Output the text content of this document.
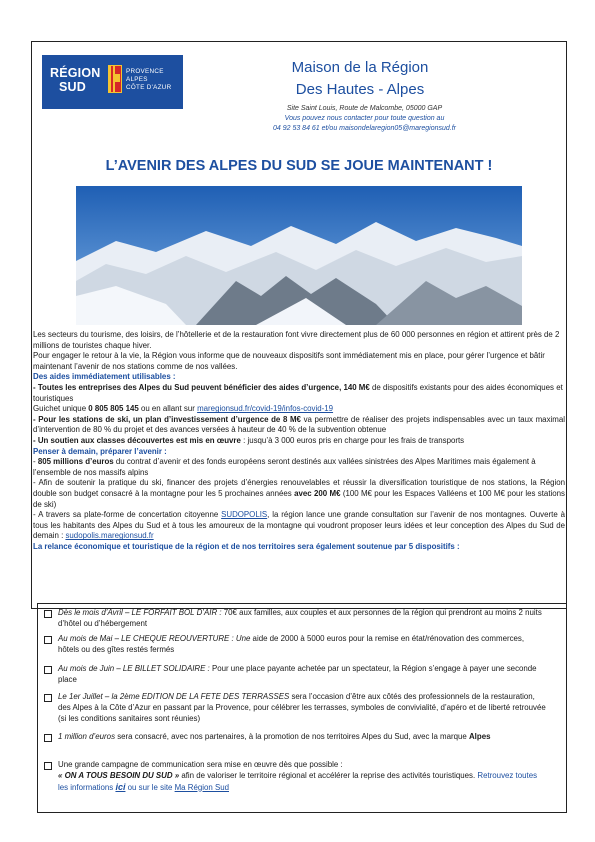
RÉGION
SUD
PROVENCE
ALPES
CÔTE D'AZUR
Maison de la Région
Des Hautes - Alpes
Site Saint Louis, Route de Malcombe, 05000 GAP
Vous pouvez nous contacter pour toute question au
04 92 53 84 61 et/ou maisondelaregion05@maregionsud.fr
L’AVENIR DES ALPES DU SUD SE JOUE MAINTENANT !

Les secteurs du tourisme, des loisirs, de l’hôtellerie et de la restauration font vivre directement plus de 60 000 personnes en région et attirent près de 2 millions de touristes chaque hiver.

Pour engager le retour à la vie, la Région vous informe que de nouveaux dispositifs sont immédiatement mis en place, pour gérer l’urgence et bâtir maintenant l’avenir de nos stations comme de nos vallées.

Des aides immédiatement utilisables :

- Toutes les entreprises des Alpes du Sud peuvent bénéficier des aides d’urgence, 140 M€ de dispositifs existants pour des aides économiques et touristiques

Guichet unique 0 805 805 145 ou en allant sur maregionsud.fr/covid-19/infos-covid-19

- Pour les stations de ski, un plan d’investissement d’urgence de 8 M€ va permettre de réaliser des projets indispensables avec un taux maximal d’intervention de 80 % du projet et des avances versées à hauteur de 40 % de la subvention obtenue

- Un soutien aux classes découvertes est mis en œuvre : jusqu’à 3 000 euros pris en charge pour les frais de transports

Penser à demain, préparer l’avenir :

- 805 millions d’euros du contrat d’avenir et des fonds européens seront destinés aux vallées sinistrées des Alpes Maritimes mais également à l’ensemble de nos massifs alpins

- Afin de soutenir la pratique du ski, financer des projets d’énergies renouvelables et réussir la diversification touristique de nos stations, la Région double son budget consacré à la montagne pour les 5 prochaines années avec 200 M€ (100 M€ pour les Espaces Valléens et 100 M€ pour les stations de ski)

- A travers sa plate-forme de concertation citoyenne SUDOPOLIS, la région lance une grande consultation sur l’avenir de nos montagnes. Ouverte à tous les habitants des Alpes du Sud et à tous les amoureux de la montagne qui voudront proposer leurs idées et leur conception des Alpes du Sud de demain : sudopolis.maregionsud.fr

La relance économique et touristique de la région et de nos territoires sera également soutenue par 5 dispositifs :

Dès le mois d’Avril – LE FORFAIT BOL D’AIR : 70€ aux familles, aux couples et aux personnes de la région qui prendront au moins 2 nuits d’hôtel ou d’hébergement
Au mois de Mai – LE CHEQUE REOUVERTURE : Une aide de 2000 à 5000 euros pour la remise en état/rénovation des commerces, hôtels ou des gîtes restés fermés
Au mois de Juin – LE BILLET SOLIDAIRE : Pour une place payante achetée par un spectateur, la Région s’engage à payer une seconde place
Le 1er Juillet – la 2ème EDITION DE LA FETE DES TERRASSES sera l’occasion d’être aux côtés des professionnels de la restauration, des Alpes à la Côte d’Azur en passant par la Provence, pour célébrer les terrasses, symboles de convivialité, d’apéro et de liberté retrouvée (si les conditions sanitaires sont réunies)
1 million d’euros sera consacré, avec nos partenaires, à la promotion de nos territoires Alpes du Sud, avec la marque Alpes
Une grande campagne de communication sera mise en œuvre dès que possible :
« ON A TOUS BESOIN DU SUD » afin de valoriser le territoire régional et accélérer la reprise des activités touristiques. Retrouvez toutes les informations ici ou sur le site Ma Région Sud
